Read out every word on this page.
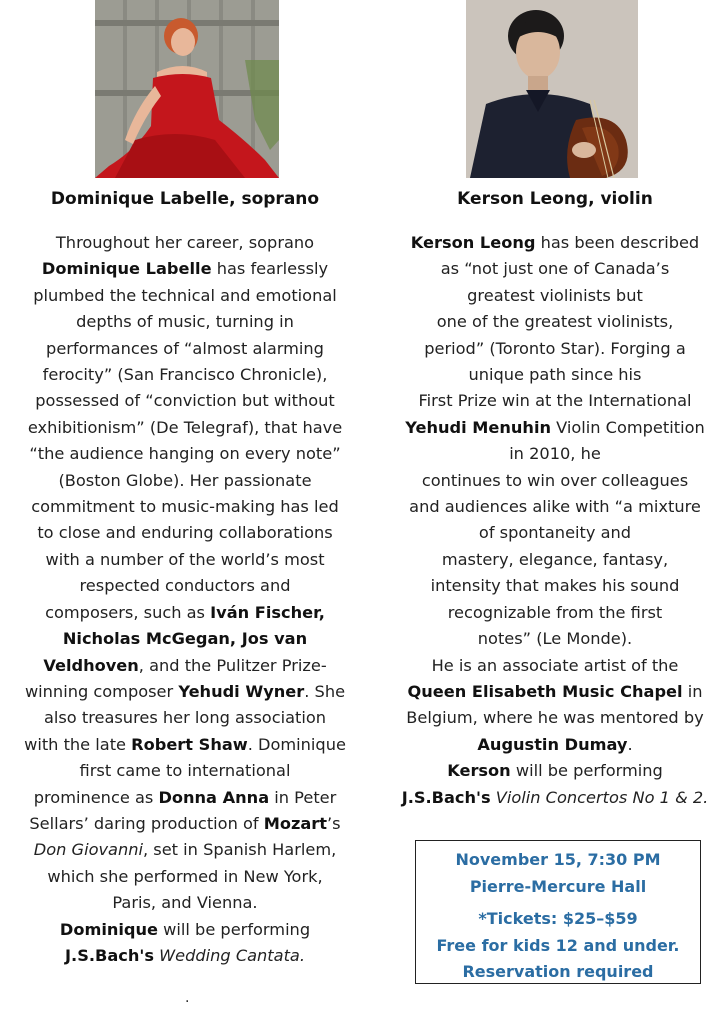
Dominique Labelle, soprano	Kerson Leong, violin

Throughout her career, soprano

Dominique Labelle has fearlessly

plumbed the technical and emotional

depths of music, turning in

performances of “almost alarming

ferocity” (San Francisco Chronicle),

possessed of “conviction but without

exhibitionism” (De Telegraf), that have

“the audience hanging on every note”

(Boston Globe). Her passionate

commitment to music-making has led

to close and enduring collaborations

with a number of the world’s most

respected conductors and

composers, such as Iván Fischer,

Nicholas McGegan, Jos van

Veldhoven, and the Pulitzer Prize-

winning composer Yehudi Wyner. She

also treasures her long association

with the late Robert Shaw. Dominique

first came to international

prominence as Donna Anna in Peter

Sellars’ daring production of Mozart’s

Don Giovanni, set in Spanish Harlem,

which she performed in New York,

Paris, and Vienna.

Dominique will be performing

J.S.Bach's Wedding Cantata.

Kerson Leong has been described

as “not just one of Canada’s

greatest violinists but

one of the greatest violinists,

period” (Toronto Star). Forging a

unique path since his

First Prize win at the International

Yehudi Menuhin Violin Competition

in 2010, he

continues to win over colleagues

and audiences alike with “a mixture

of spontaneity and

mastery, elegance, fantasy,

intensity that makes his sound

recognizable from the first

notes” (Le Monde).

He is an associate artist of the

Queen Elisabeth Music Chapel in

Belgium, where he was mentored by

Augustin Dumay.

Kerson will be performing

J.S.Bach's Violin Concertos No 1 & 2.

November 15, 7:30 PM
Pierre-Mercure Hall
*Tickets: $25–$59
Free for kids 12 and under.
Reservation required
.
